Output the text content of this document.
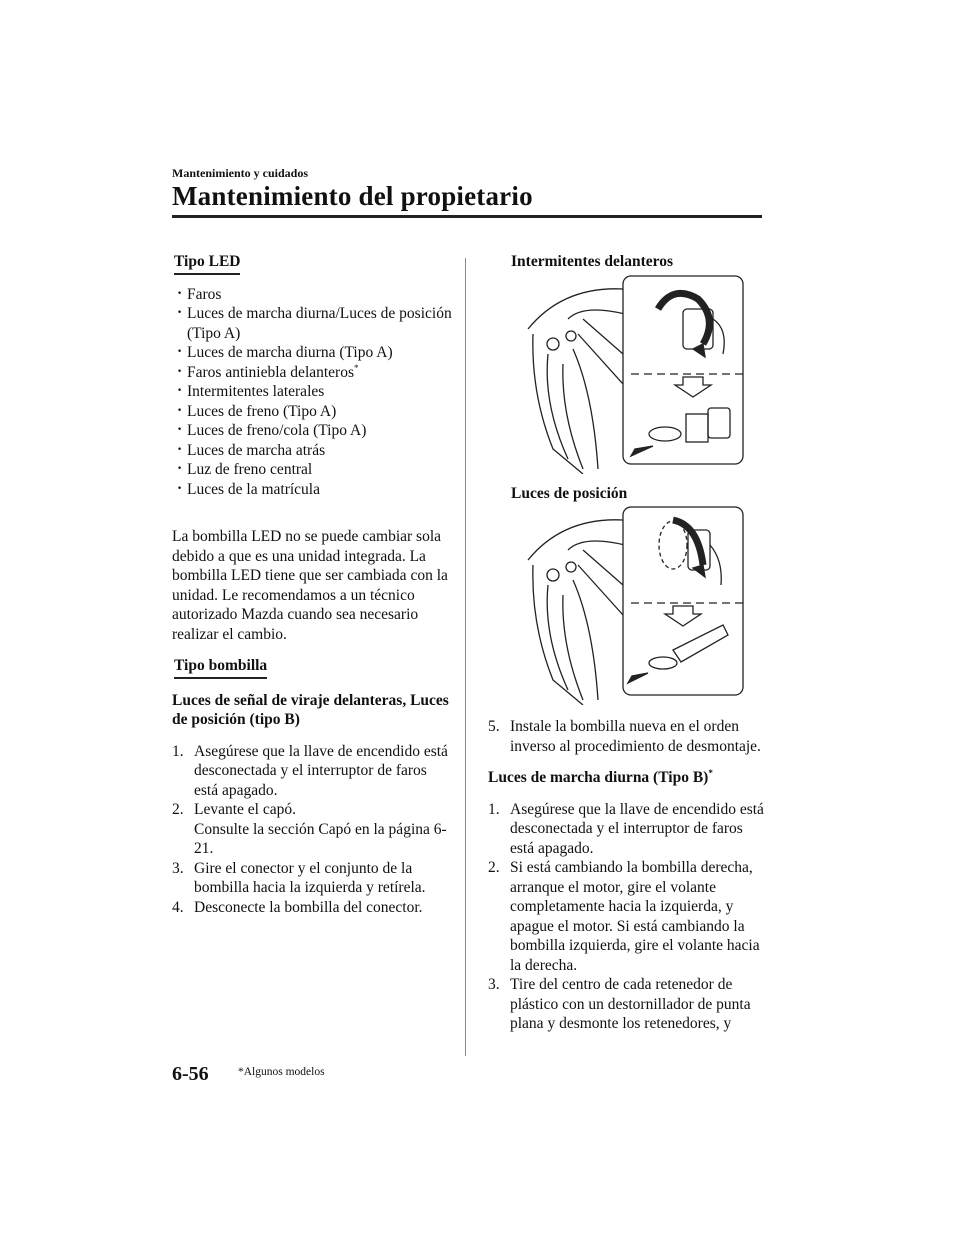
Mantenimiento y cuidados
Mantenimiento del propietario
Tipo LED
· Faros
· Luces de marcha diurna/Luces de posición (Tipo A)
· Luces de marcha diurna (Tipo A)
· Faros antiniebla delanteros*
· Intermitentes laterales
· Luces de freno (Tipo A)
· Luces de freno/cola (Tipo A)
· Luces de marcha atrás
· Luz de freno central
· Luces de la matrícula

La bombilla LED no se puede cambiar sola debido a que es una unidad integrada. La bombilla LED tiene que ser cambiada con la unidad. Le recomendamos a un técnico autorizado Mazda cuando sea necesario realizar el cambio.

Tipo bombilla

Luces de señal de viraje delanteras, Luces de posición (tipo B)

1. Asegúrese que la llave de encendido está desconectada y el interruptor de faros está apagado.
2. Levante el capó.
Consulte la sección Capó en la página 6-21.
3. Gire el conector y el conjunto de la bombilla hacia la izquierda y retírela.
4. Desconecte la bombilla del conector.
Intermitentes delanteros
Luces de posición
5. Instale la bombilla nueva en el orden inverso al procedimiento de desmontaje.

Luces de marcha diurna (Tipo B)*

1. Asegúrese que la llave de encendido está desconectada y el interruptor de faros está apagado.
2. Si está cambiando la bombilla derecha, arranque el motor, gire el volante completamente hacia la izquierda, y apague el motor. Si está cambiando la bombilla izquierda, gire el volante hacia la derecha.
3. Tire del centro de cada retenedor de plástico con un destornillador de punta plana y desmonte los retenedores, y
6-56	*Algunos modelos
